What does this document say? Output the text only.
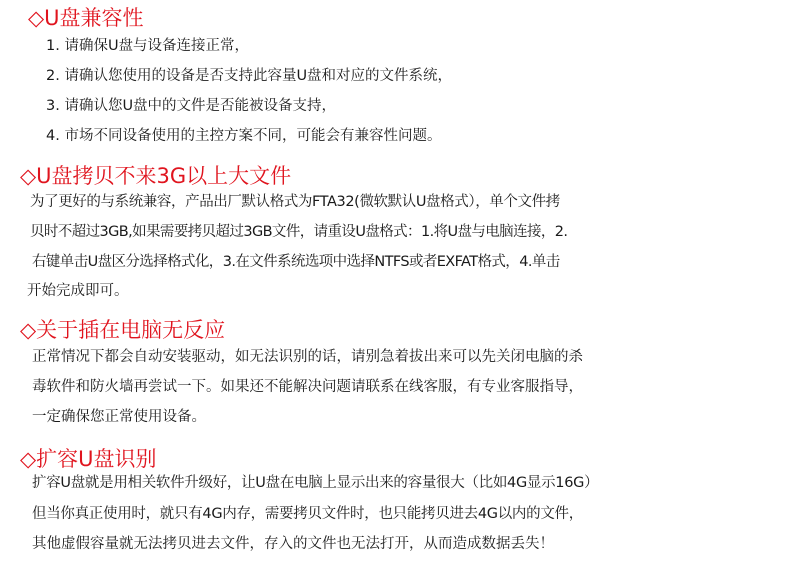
◇U盘兼容性
1. 请确保U盘与设备连接正常，
2. 请确认您使用的设备是否支持此容量U盘和对应的文件系统，
3. 请确认您U盘中的文件是否能被设备支持，
4. 市场不同设备使用的主控方案不同，可能会有兼容性问题。
◇U盘拷贝不来3G以上大文件
为了更好的与系统兼容，产品出厂默认格式为FTA32(微软默认U盘格式），单个文件拷
贝时不超过3GB,如果需要拷贝超过3GB文件，请重设U盘格式：1.将U盘与电脑连接，2.
右键单击U盘区分选择格式化，3.在文件系统选项中选择NTFS或者EXFAT格式，4.单击
开始完成即可。
◇关于插在电脑无反应
正常情况下都会自动安装驱动，如无法识别的话，请别急着拔出来可以先关闭电脑的杀
毒软件和防火墙再尝试一下。如果还不能解决问题请联系在线客服，有专业客服指导，
一定确保您正常使用设备。
◇扩容U盘识别
扩容U盘就是用相关软件升级好，让U盘在电脑上显示出来的容量很大（比如4G显示16G）
但当你真正使用时，就只有4G内存，需要拷贝文件时，也只能拷贝进去4G以内的文件，
其他虚假容量就无法拷贝进去文件，存入的文件也无法打开，从而造成数据丢失！
